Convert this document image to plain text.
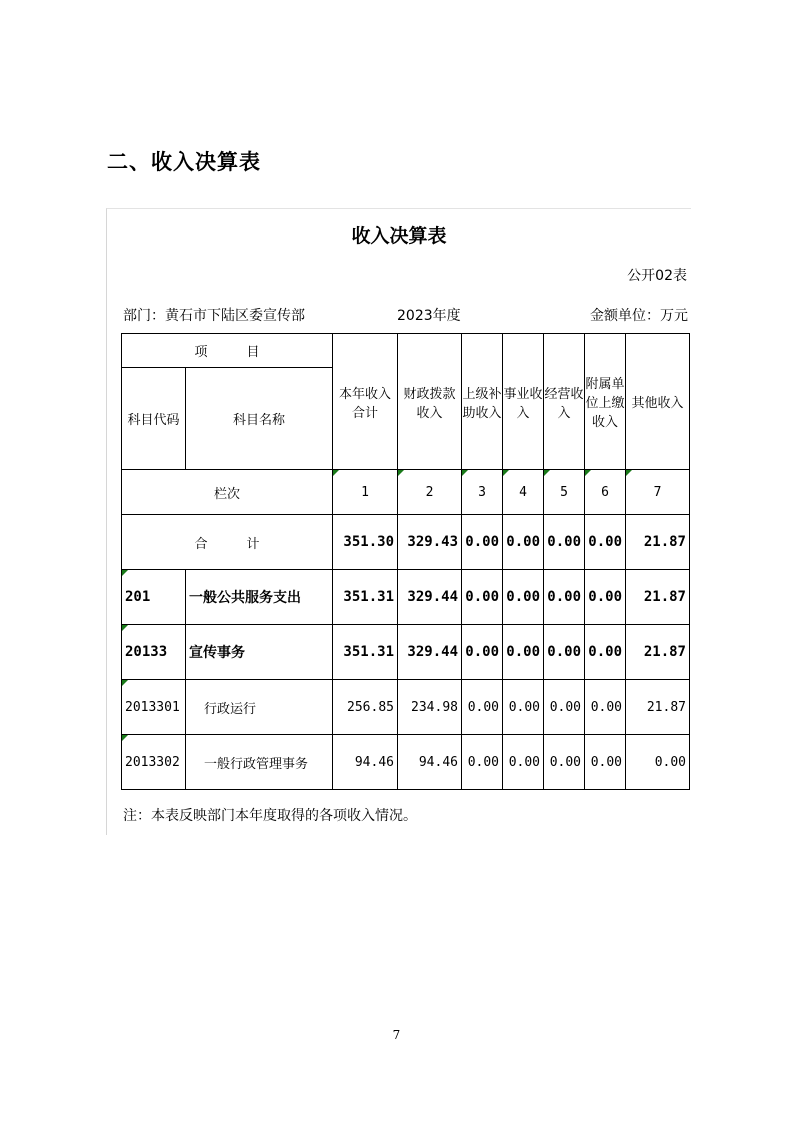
二、收入决算表
收入决算表
公开02表
部门：黄石市下陆区委宣传部	2023年度	金额单位：万元
项　　　目		本年收入合计	财政拨款收入	上级补助收入	事业收入	经营收入	附属单位上缴收入	其他收入
科目代码	科目名称							
栏次		1	2	3	4	5	6	7
合　　　计		351.30	329.43	0.00	0.00	0.00	0.00	21.87
201	一般公共服务支出	351.31	329.44	0.00	0.00	0.00	0.00	21.87
20133	宣传事务	351.31	329.44	0.00	0.00	0.00	0.00	21.87
2013301	行政运行	256.85	234.98	0.00	0.00	0.00	0.00	21.87
2013302	一般行政管理事务	94.46	94.46	0.00	0.00	0.00	0.00	0.00
注：本表反映部门本年度取得的各项收入情况。
7
